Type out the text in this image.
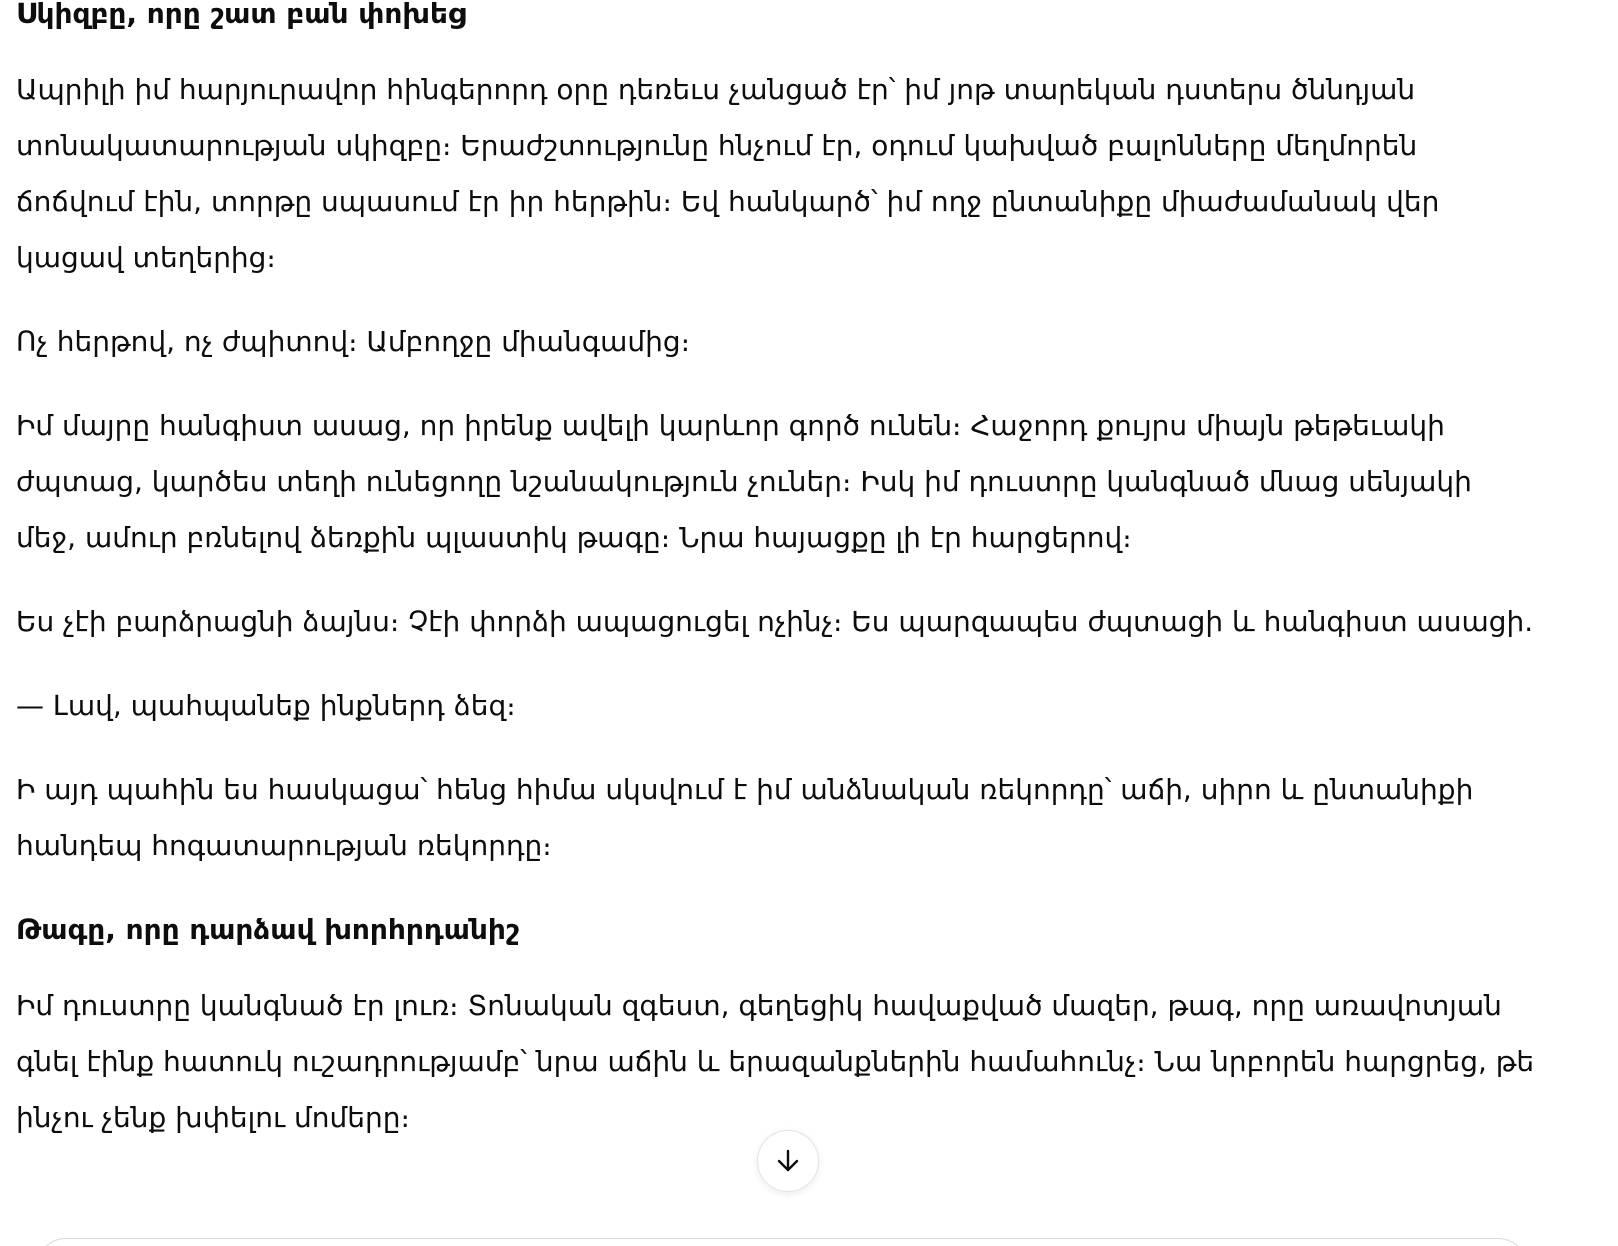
Սկիզբը, որը շատ բան փոխեց

Ապրիլի իմ հարյուրավոր հինգերորդ օրը դեռեւս չանցած էր՝ իմ յոթ տարեկան դստերս ծննդյան տոնակատարության սկիզբը։ Երաժշտությունը հնչում էր, օդում կախված բալոնները մեղմորեն ճոճվում էին, տորթը սպասում էր իր հերթին։ Եվ հանկարծ՝ իմ ողջ ընտանիքը միաժամանակ վեր կացավ տեղերից։

Ոչ հերթով, ոչ ժպիտով։ Ամբողջը միանգամից։

Իմ մայրը հանգիստ ասաց, որ իրենք ավելի կարևոր գործ ունեն։ Հաջորդ քույրս միայն թեթեւակի ժպտաց, կարծես տեղի ունեցողը նշանակություն չուներ։ Իսկ իմ դուստրը կանգնած մնաց սենյակի մեջ, ամուր բռնելով ձեռքին պլաստիկ թագը։ Նրա հայացքը լի էր հարցերով։

Ես չէի բարձրացնի ձայնս։ Չէի փորձի ապացուցել ոչինչ։ Ես պարզապես ժպտացի և հանգիստ ասացի.

— Լավ, պահպանեք ինքներդ ձեզ։

Ի այդ պահին ես հասկացա՝ հենց հիմա սկսվում է իմ անձնական ռեկորդը՝ աճի, սիրո և ընտանիքի հանդեպ հոգատարության ռեկորդը։

Թագը, որը դարձավ խորհրդանիշ

Իմ դուստրը կանգնած էր լուռ։ Տոնական զգեստ, գեղեցիկ հավաքված մազեր, թագ, որը առավոտյան գնել էինք հատուկ ուշադրությամբ՝ նրա աճին և երազանքներին համահունչ։ Նա նրբորեն հարցրեց, թե ինչու չենք խփելու մոմերը։
